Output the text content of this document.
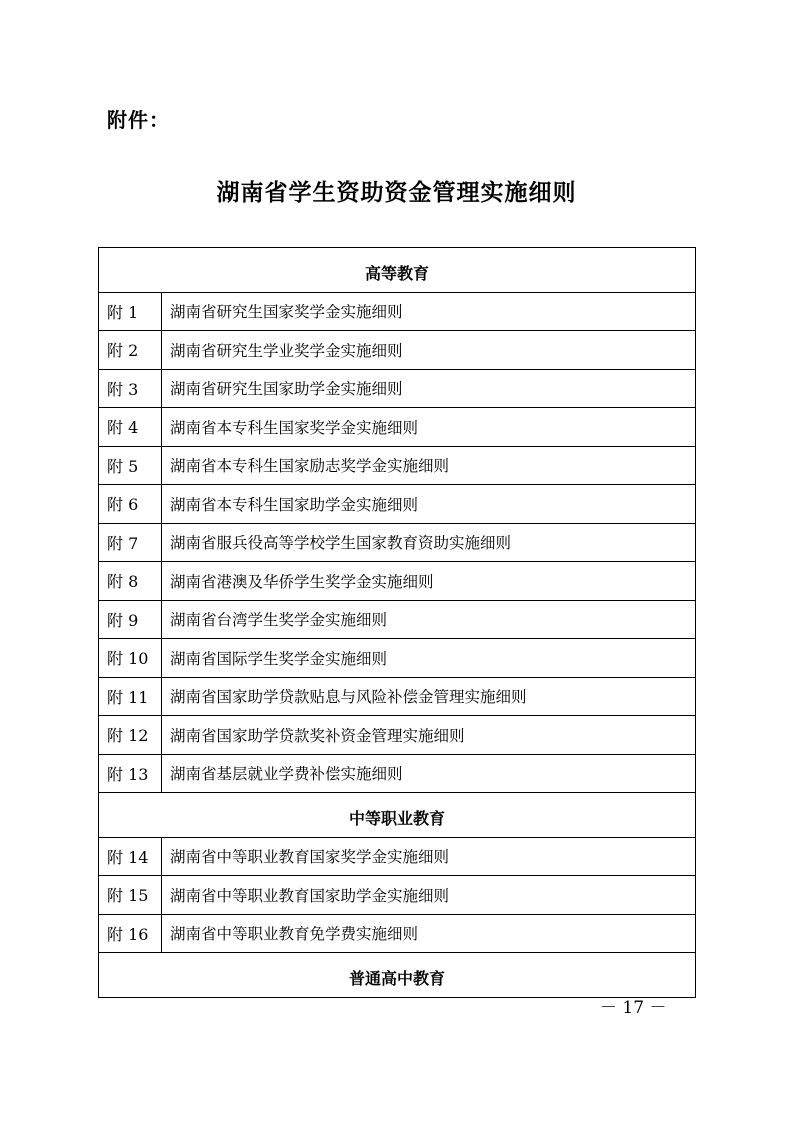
附件：
湖南省学生资助资金管理实施细则
高等教育	
附 1	湖南省研究生国家奖学金实施细则
附 2	湖南省研究生学业奖学金实施细则
附 3	湖南省研究生国家助学金实施细则
附 4	湖南省本专科生国家奖学金实施细则
附 5	湖南省本专科生国家励志奖学金实施细则
附 6	湖南省本专科生国家助学金实施细则
附 7	湖南省服兵役高等学校学生国家教育资助实施细则
附 8	湖南省港澳及华侨学生奖学金实施细则
附 9	湖南省台湾学生奖学金实施细则
附 10	湖南省国际学生奖学金实施细则
附 11	湖南省国家助学贷款贴息与风险补偿金管理实施细则
附 12	湖南省国家助学贷款奖补资金管理实施细则
附 13	湖南省基层就业学费补偿实施细则
中等职业教育	
附 14	湖南省中等职业教育国家奖学金实施细则
附 15	湖南省中等职业教育国家助学金实施细则
附 16	湖南省中等职业教育免学费实施细则
普通高中教育	
－ 17 －
